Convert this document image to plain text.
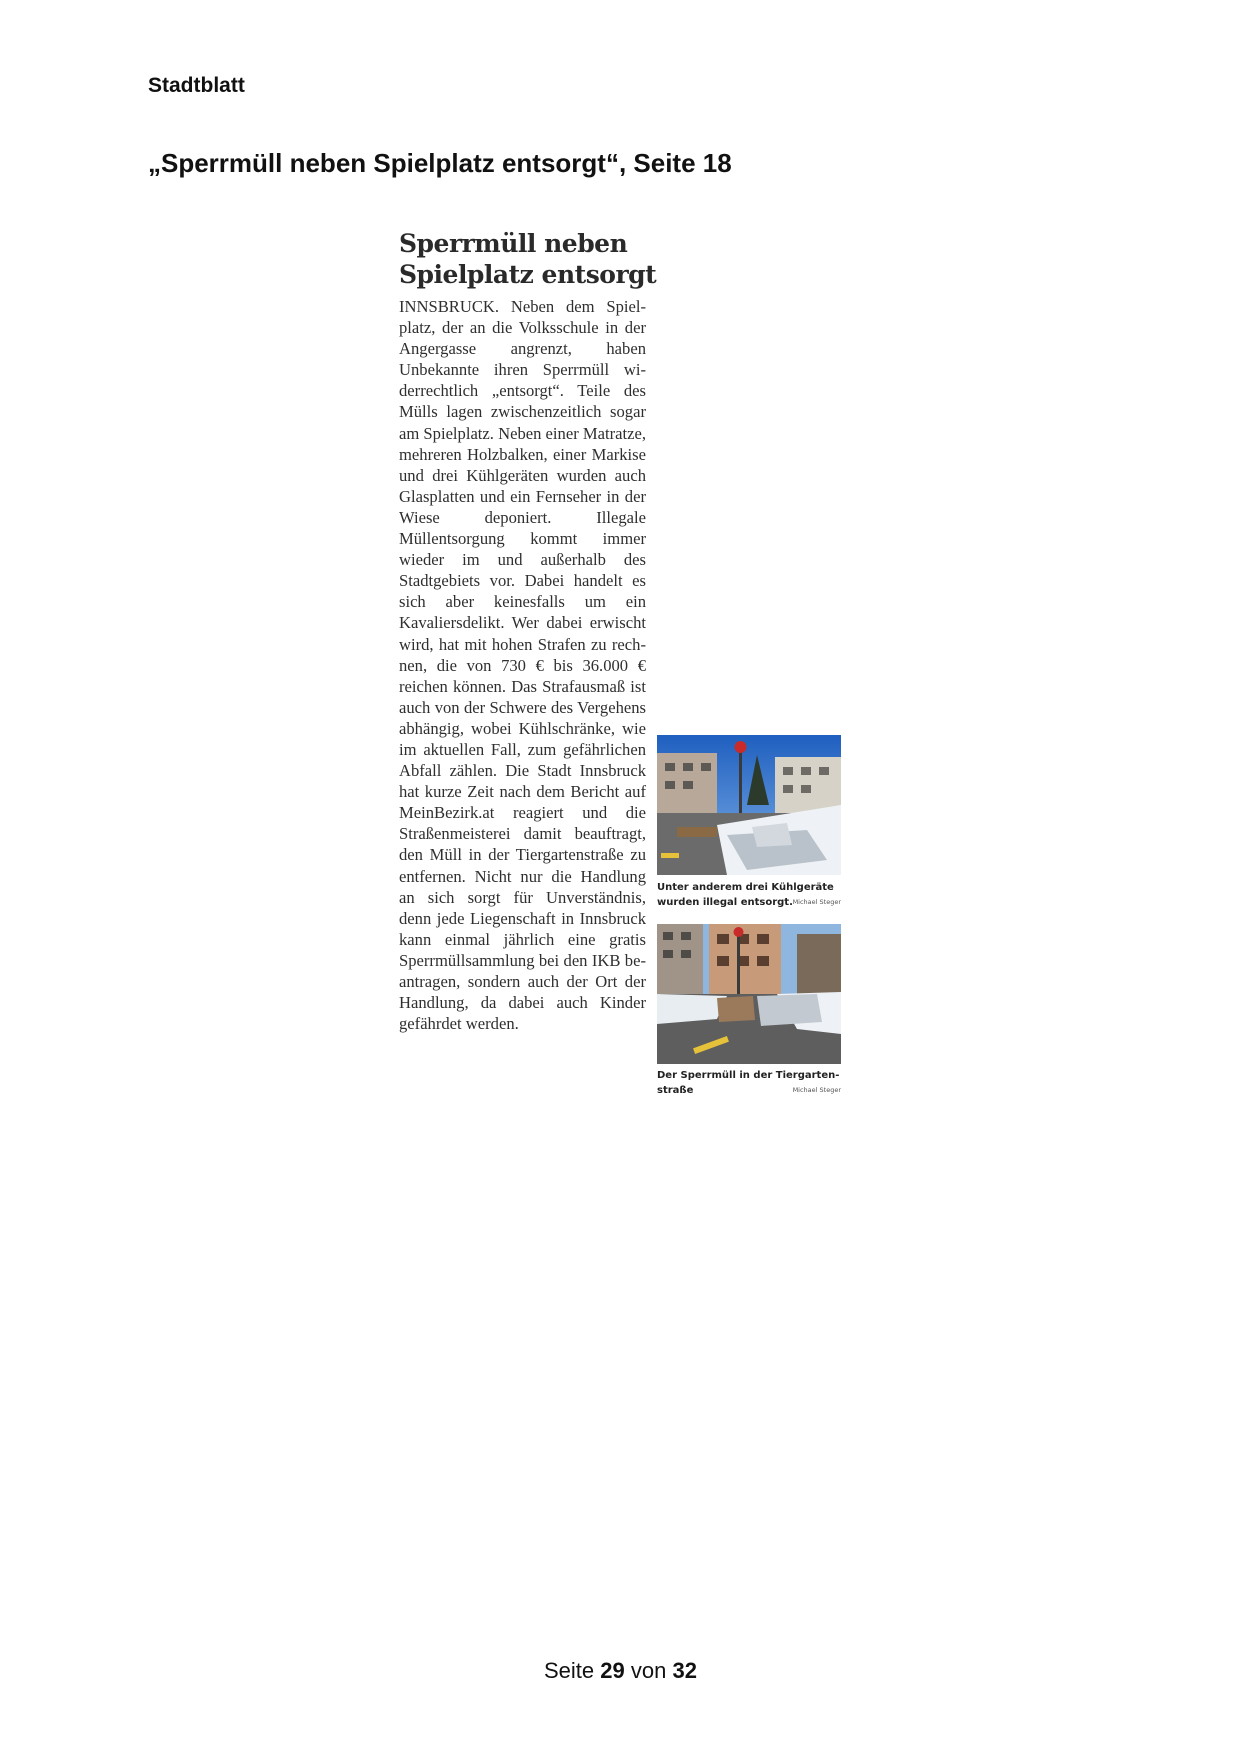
Stadtblatt
„Sperrmüll neben Spielplatz entsorgt“, Seite 18
Sperrmüll neben Spielplatz entsorgt
INNSBRUCK. Neben dem Spielplatz, der an die Volksschule in der Angergasse angrenzt, haben Unbekannte ihren Sperrmüll widerrechtlich „entsorgt“. Teile des Mülls lagen zwischenzeitlich sogar am Spielplatz. Neben einer Matratze, mehreren Holzbalken, einer Markise und drei Kühlgeräten wurden auch Glasplatten und ein Fernseher in der Wiese deponiert. Illegale Müllentsorgung kommt immer wieder im und außerhalb des Stadtgebiets vor. Dabei handelt es sich aber keinesfalls um ein Kavaliersdelikt. Wer dabei erwischt wird, hat mit hohen Strafen zu rechnen, die von 730 € bis 36.000 € reichen können. Das Strafausmaß ist auch von der Schwere des Vergehens abhängig, wobei Kühlschränke, wie im aktuellen Fall, zum gefährlichen Abfall zählen. Die Stadt Innsbruck hat kurze Zeit nach dem Bericht auf MeinBezirk.at reagiert und die Straßenmeisterei damit beauftragt, den Müll in der Tiergartenstraße zu entfernen. Nicht nur die Handlung an sich sorgt für Unverständnis, denn jede Liegenschaft in Innsbruck kann einmal jährlich eine gratis Sperrmüllsammlung bei den IKB beantragen, sondern auch der Ort der Handlung, da dabei auch Kinder gefährdet werden.
Unter anderem drei Kühlgeräte wurden illegal entsorgt. Michael Steger
Der Sperrmüll in der Tiergartenstraße	Michael Steger
Seite 29 von 32
